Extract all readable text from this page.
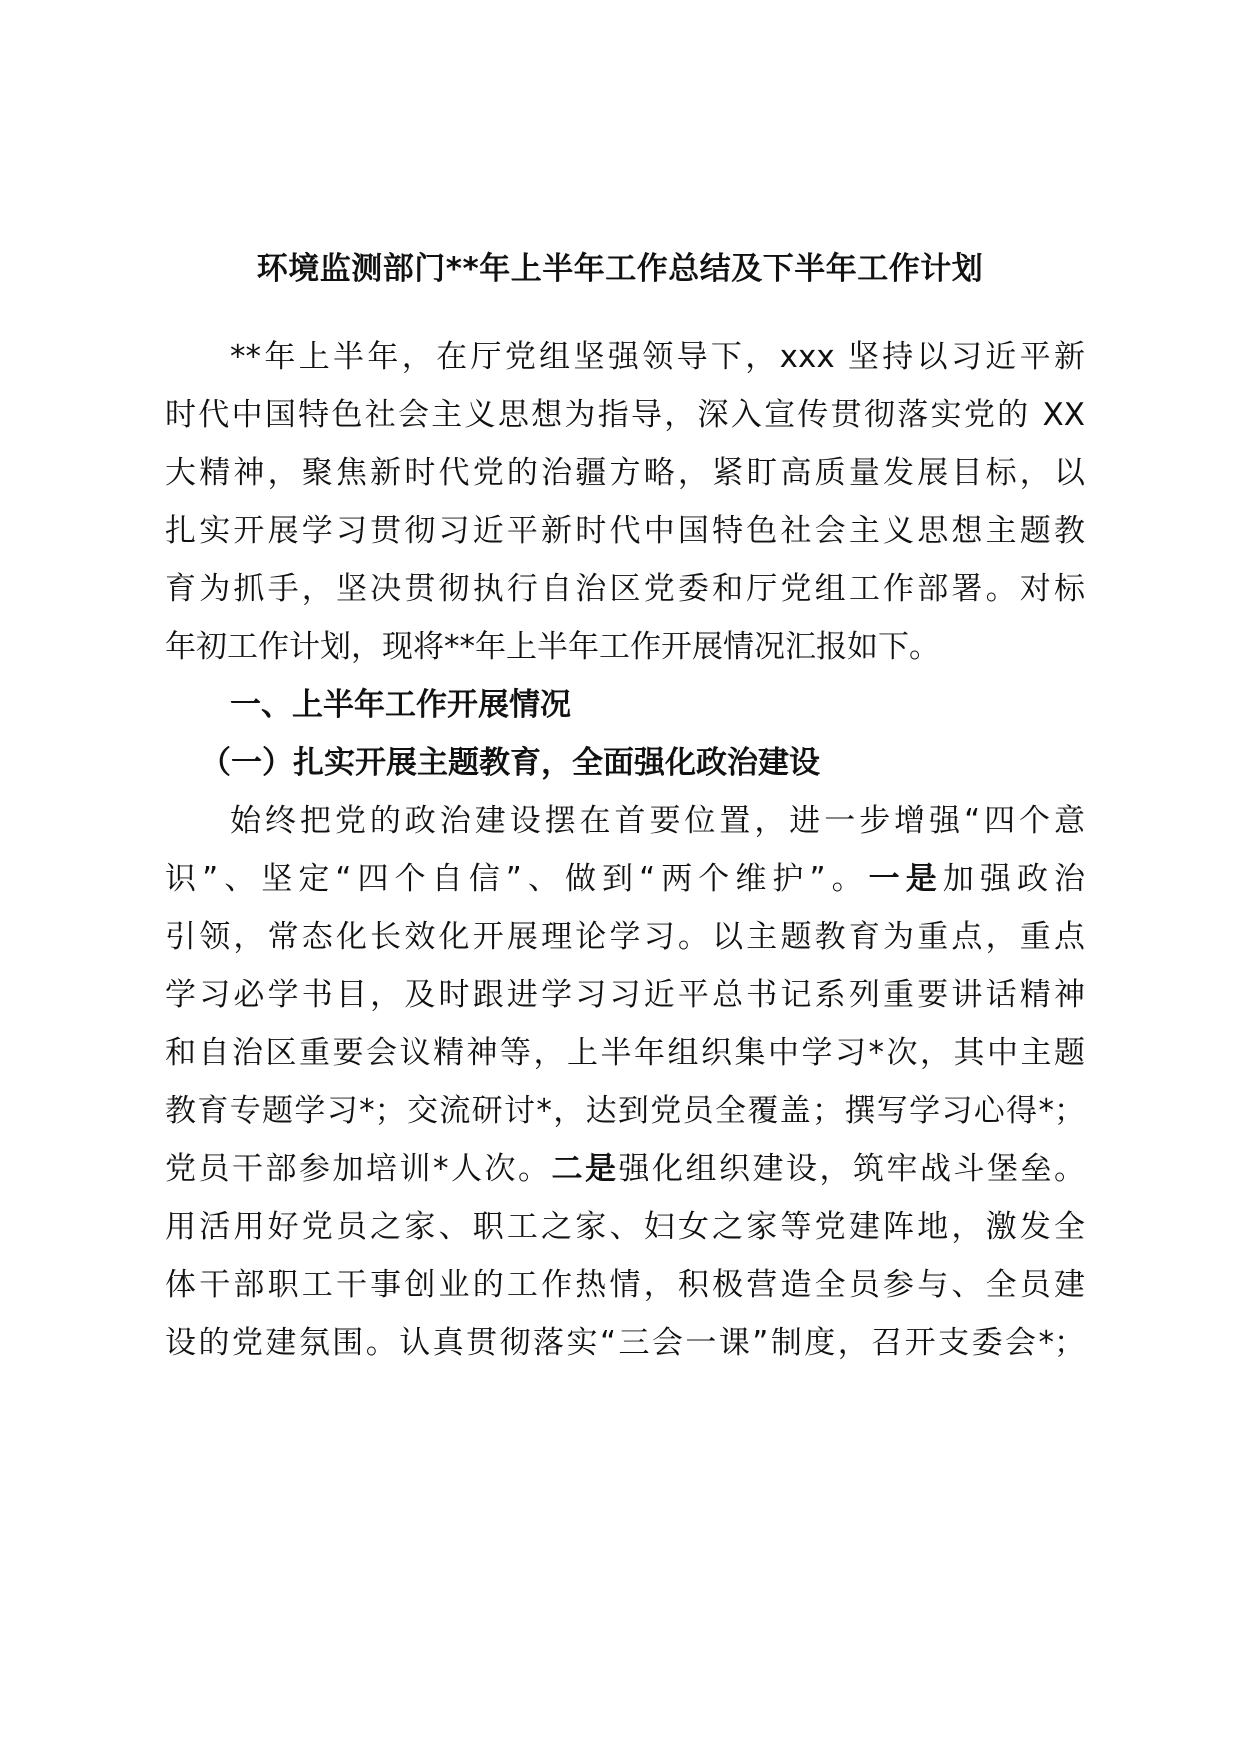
环境监测部门**年上半年工作总结及下半年工作计划
**年上半年，在厅党组坚强领导下，xxx 坚持以习近平新
时代中国特色社会主义思想为指导，深入宣传贯彻落实党的 XX
大精神，聚焦新时代党的治疆方略，紧盯高质量发展目标，以
扎实开展学习贯彻习近平新时代中国特色社会主义思想主题教
育为抓手，坚决贯彻执行自治区党委和厅党组工作部署。对标
年初工作计划，现将**年上半年工作开展情况汇报如下。
一、上半年工作开展情况
（一）扎实开展主题教育，全面强化政治建设
始终把党的政治建设摆在首要位置，进一步增强“四个意
识”、坚定“四个自信”、做到“两个维护”。一是加强政治
引领，常态化长效化开展理论学习。以主题教育为重点，重点
学习必学书目，及时跟进学习习近平总书记系列重要讲话精神
和自治区重要会议精神等，上半年组织集中学习*次，其中主题
教育专题学习*；交流研讨*，达到党员全覆盖；撰写学习心得*；
党员干部参加培训*人次。二是强化组织建设，筑牢战斗堡垒。
用活用好党员之家、职工之家、妇女之家等党建阵地，激发全
体干部职工干事创业的工作热情，积极营造全员参与、全员建
设的党建氛围。认真贯彻落实“三会一课”制度，召开支委会*；
